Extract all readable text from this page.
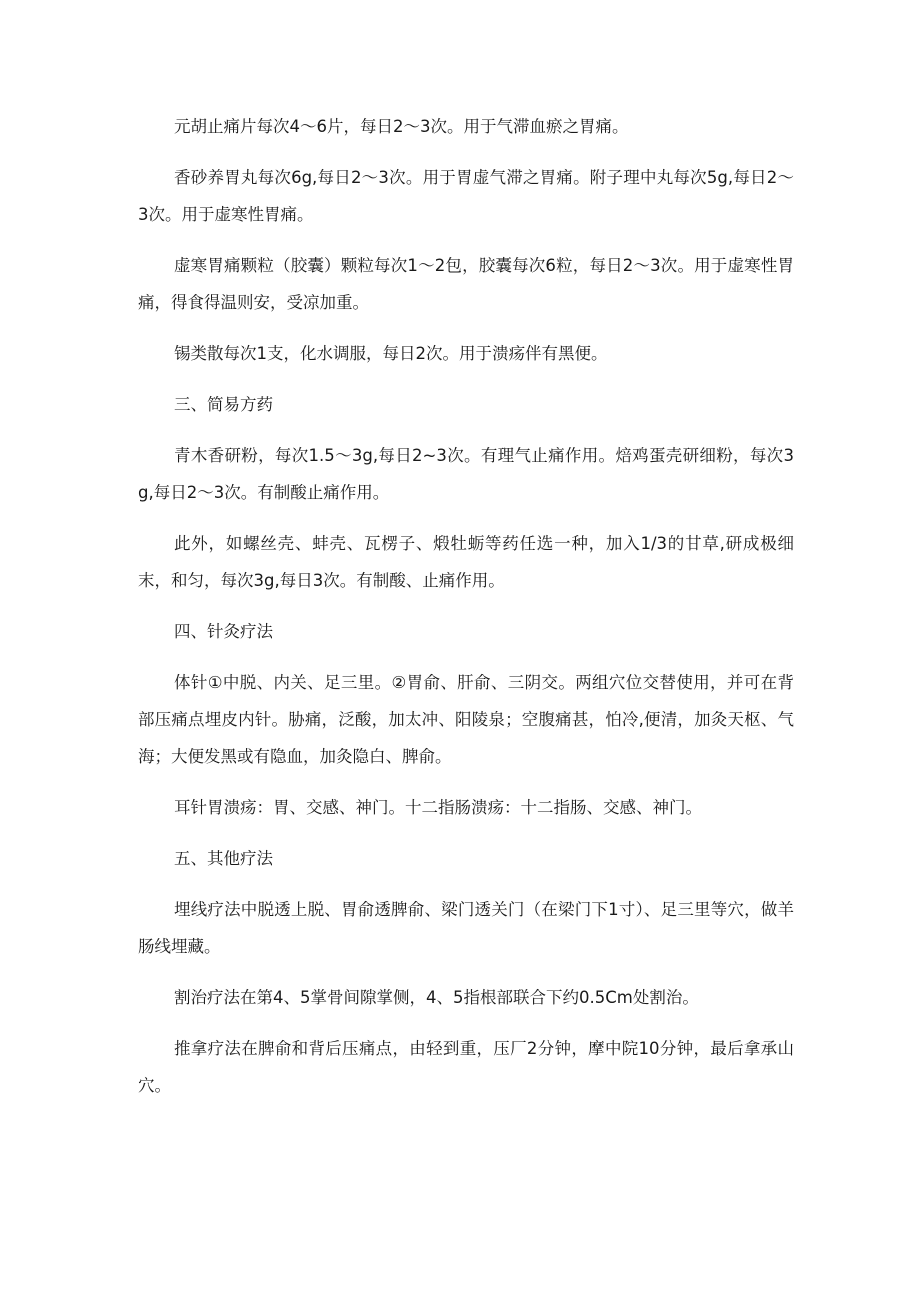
元胡止痛片每次4〜6片，每日2〜3次。用于气滞血瘀之胃痛。

香砂养胃丸每次6g,每日2〜3次。用于胃虚气滞之胃痛。附子理中丸每次5g,每日2〜3次。用于虚寒性胃痛。

虚寒胃痛颗粒（胶囊）颗粒每次1〜2包，胶囊每次6粒，每日2〜3次。用于虚寒性胃痛，得食得温则安，受凉加重。

锡类散每次1支，化水调服，每日2次。用于溃疡伴有黑便。

三、简易方药

青木香研粉，每次1.5〜3g,每日2~3次。有理气止痛作用。焙鸡蛋壳研细粉，每次3g,每日2〜3次。有制酸止痛作用。

此外，如螺丝壳、蚌壳、瓦楞子、煅牡蛎等药任选一种，加入1/3的甘草,研成极细末，和匀，每次3g,每日3次。有制酸、止痛作用。

四、针灸疗法

体针①中脱、内关、足三里。②胃俞、肝俞、三阴交。两组穴位交替使用，并可在背部压痛点埋皮内针。胁痛，泛酸，加太冲、阳陵泉；空腹痛甚，怕冷,便清，加灸天枢、气海；大便发黑或有隐血，加灸隐白、脾俞。

耳针胃溃疡：胃、交感、神门。十二指肠溃疡：十二指肠、交感、神门。

五、其他疗法

埋线疗法中脱透上脱、胃俞透脾俞、梁门透关门（在梁门下1寸）、足三里等穴，做羊肠线埋藏。

割治疗法在第4、5掌骨间隙掌侧，4、5指根部联合下约0.5Cm处割治。

推拿疗法在脾俞和背后压痛点，由轻到重，压厂2分钟，摩中院10分钟，最后拿承山穴。
